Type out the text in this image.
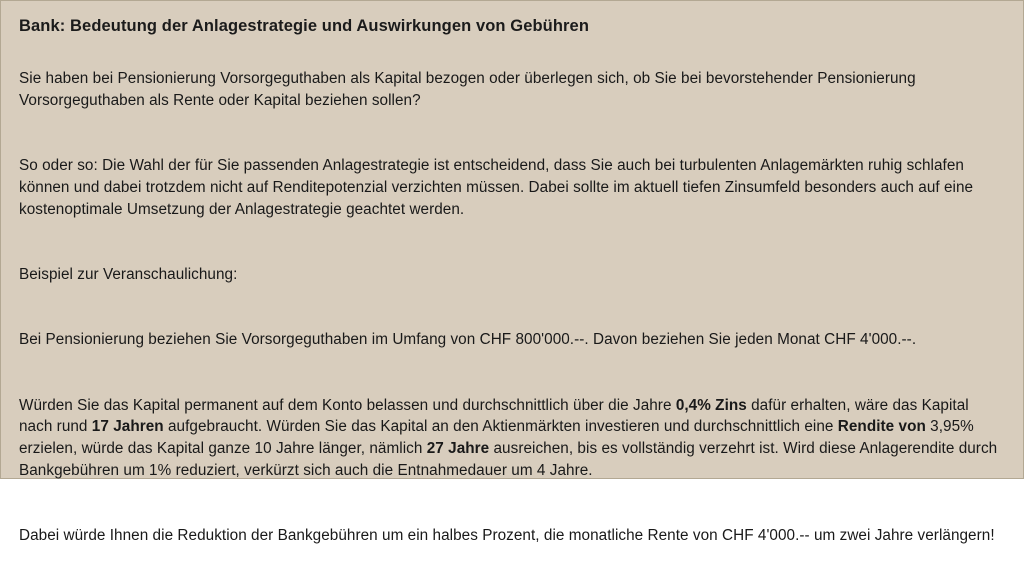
Bank: Bedeutung der Anlagestrategie und Auswirkungen von Gebühren

Sie haben bei Pensionierung Vorsorgeguthaben als Kapital bezogen oder überlegen sich, ob Sie bei bevorstehender Pensionierung Vorsorgeguthaben als Rente oder Kapital beziehen sollen?

So oder so: Die Wahl der für Sie passenden Anlagestrategie ist entscheidend, dass Sie auch bei turbulenten Anlagemärkten ruhig schlafen können und dabei trotzdem nicht auf Renditepotenzial verzichten müssen. Dabei sollte im aktuell tiefen Zinsumfeld besonders auch auf eine kostenoptimale Umsetzung der Anlagestrategie geachtet werden.

Beispiel zur Veranschaulichung:

Bei Pensionierung beziehen Sie Vorsorgeguthaben im Umfang von CHF 800'000.--. Davon beziehen Sie jeden Monat CHF 4'000.--.

Würden Sie das Kapital permanent auf dem Konto belassen und durchschnittlich über die Jahre 0,4% Zins dafür erhalten, wäre das Kapital nach rund 17 Jahren aufgebraucht. Würden Sie das Kapital an den Aktienmärkten investieren und durchschnittlich eine Rendite von 3,95% erzielen, würde das Kapital ganze 10 Jahre länger, nämlich 27 Jahre ausreichen, bis es vollständig verzehrt ist. Wird diese Anlagerendite durch Bankgebühren um 1% reduziert, verkürzt sich auch die Entnahmedauer um 4 Jahre.

Dabei würde Ihnen die Reduktion der Bankgebühren um ein halbes Prozent, die monatliche Rente von CHF 4'000.-- um zwei Jahre verlängern!
